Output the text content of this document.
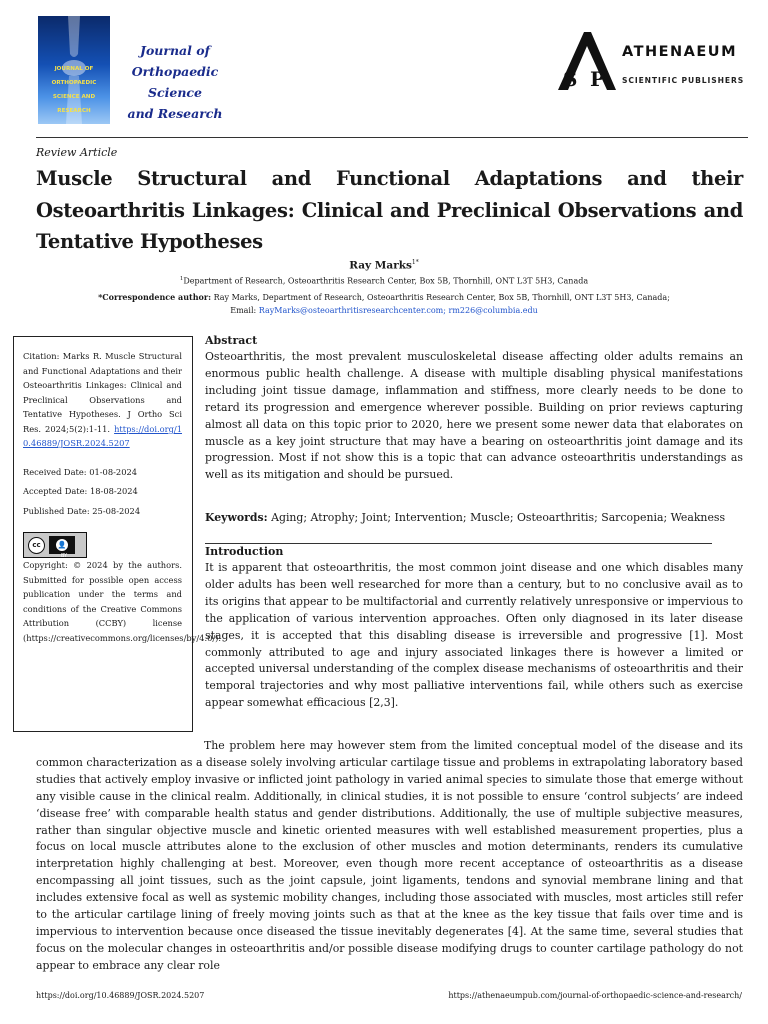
JOURNAL OF
ORTHOPAEDIC
SCIENCE AND
RESEARCH
Journal of
Orthopaedic Science
and Research
S P
ATHENAEUM
SCIENTIFIC PUBLISHERS
Review Article
Muscle Structural and Functional Adaptations and their Osteoarthritis Linkages: Clinical and Preclinical Observations and Tentative Hypotheses
Ray Marks$^{1*}$
$^1$Department of Research, Osteoarthritis Research Center, Box 5B, Thornhill, ONT L3T 5H3, Canada
*Correspondence author: Ray Marks, Department of Research, Osteoarthritis Research Center, Box 5B, Thornhill, ONT L3T 5H3, Canada;
Email: RayMarks@osteoarthritisresearchcenter.com; rm226@columbia.edu

Citation: Marks R. Muscle Structural and Functional Adaptations and their Osteoarthritis Linkages: Clinical and Preclinical Observations and Tentative Hypotheses. J Ortho Sci Res. 2024;5(2):1-11. https://doi.org/10.46889/JOSR.2024.5207

Received Date: 01-08-2024

Accepted Date: 18-08-2024

Published Date: 25-08-2024

cc	👤
BY

Copyright: © 2024 by the authors. Submitted for possible open access publication under the terms and conditions of the Creative Commons Attribution (CCBY) license (https://creativecommons.org/licenses/by/4.0/).

Abstract

Osteoarthritis, the most prevalent musculoskeletal disease affecting older adults remains an enormous public health challenge. A disease with multiple disabling physical manifestations including joint tissue damage, inflammation and stiffness, more clearly needs to be done to retard its progression and emergence wherever possible. Building on prior reviews capturing almost all data on this topic prior to 2020, here we present some newer data that elaborates on muscle as a key joint structure that may have a bearing on osteoarthritis joint damage and its progression. Most if not show this is a topic that can advance osteoarthritis understandings as well as its mitigation and should be pursued.

Keywords: Aging; Atrophy; Joint; Intervention; Muscle; Osteoarthritis; Sarcopenia; Weakness
Introduction

It is apparent that osteoarthritis, the most common joint disease and one which disables many older adults has been well researched for more than a century, but to no conclusive avail as to its origins that appear to be multifactorial and currently relatively unresponsive or impervious to the application of various intervention approaches. Often only diagnosed in its later disease stages, it is accepted that this disabling disease is irreversible and progressive [1]. Most commonly attributed to age and injury associated linkages there is however a limited or accepted universal understanding of the complex disease mechanisms of osteoarthritis and their temporal trajectories and why most palliative interventions fail, while others such as exercise appear somewhat efficacious [2,3].

The problem here may however stem from the limited conceptual model of the disease and its common characterization as a disease solely involving articular cartilage tissue and problems in extrapolating laboratory based studies that actively employ invasive or inflicted joint pathology in varied animal species to simulate those that emerge without any visible cause in the clinical realm. Additionally, in clinical studies, it is not possible to ensure ‘control subjects’ are indeed ‘disease free’ with comparable health status and gender distributions. Additionally, the use of multiple subjective measures, rather than singular objective muscle and kinetic oriented measures with well established measurement properties, plus a focus on local muscle attributes alone to the exclusion of other muscles and motion determinants, renders its cumulative interpretation highly challenging at best. Moreover, even though more recent acceptance of osteoarthritis as a disease encompassing all joint tissues, such as the joint capsule, joint ligaments, tendons and synovial membrane lining and that includes extensive focal as well as systemic mobility changes, including those associated with muscles, most articles still refer to the articular cartilage lining of freely moving joints such as that at the knee as the key tissue that fails over time and is impervious to intervention because once diseased the tissue inevitably degenerates [4]. At the same time, several studies that focus on the molecular changes in osteoarthritis and/or possible disease modifying drugs to counter cartilage pathology do not appear to embrace any clear role

https://doi.org/10.46889/JOSR.2024.5207	https://athenaeumpub.com/journal-of-orthopaedic-science-and-research/
